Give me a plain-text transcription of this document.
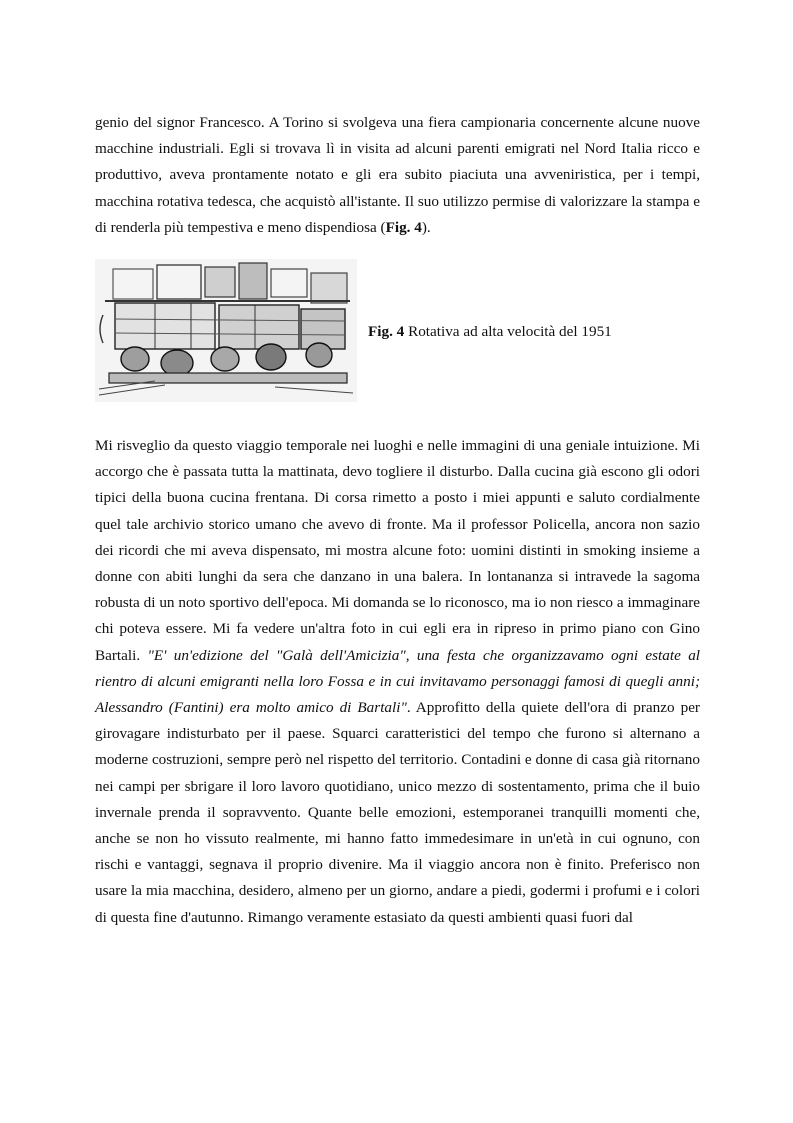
genio del signor Francesco. A Torino si svolgeva una fiera campionaria concernente alcune nuove macchine industriali. Egli si trovava lì in visita ad alcuni parenti emigrati nel Nord Italia ricco e produttivo, aveva prontamente notato e gli era subito piaciuta una avveniristica, per i tempi, macchina rotativa tedesca, che acquistò all'istante. Il suo utilizzo permise di valorizzare la stampa e di renderla più tempestiva e meno dispendiosa (Fig. 4).

Fig. 4 Rotativa ad alta velocità del 1951

Mi risveglio da questo viaggio temporale nei luoghi e nelle immagini di una geniale intuizione. Mi accorgo che è passata tutta la mattinata, devo togliere il disturbo. Dalla cucina già escono gli odori tipici della buona cucina frentana. Di corsa rimetto a posto i miei appunti e saluto cordialmente quel tale archivio storico umano che avevo di fronte. Ma il professor Policella, ancora non sazio dei ricordi che mi aveva dispensato, mi mostra alcune foto: uomini distinti in smoking insieme a donne con abiti lunghi da sera che danzano in una balera. In lontananza si intravede la sagoma robusta di un noto sportivo dell'epoca. Mi domanda se lo riconosco, ma io non riesco a immaginare chi poteva essere. Mi fa vedere un'altra foto in cui egli era in ripreso in primo piano con Gino Bartali. "E' un'edizione del "Galà dell'Amicizia", una festa che organizzavamo ogni estate al rientro di alcuni emigranti nella loro Fossa e in cui invitavamo personaggi famosi di quegli anni; Alessandro (Fantini) era molto amico di Bartali". Approfitto della quiete dell'ora di pranzo per girovagare indisturbato per il paese. Squarci caratteristici del tempo che furono si alternano a moderne costruzioni, sempre però nel rispetto del territorio. Contadini e donne di casa già ritornano nei campi per sbrigare il loro lavoro quotidiano, unico mezzo di sostentamento, prima che il buio invernale prenda il sopravvento. Quante belle emozioni, estemporanei tranquilli momenti che, anche se non ho vissuto realmente, mi hanno fatto immedesimare in un'età in cui ognuno, con rischi e vantaggi, segnava il proprio divenire. Ma il viaggio ancora non è finito. Preferisco non usare la mia macchina, desidero, almeno per un giorno, andare a piedi, godermi i profumi e i colori di questa fine d'autunno. Rimango veramente estasiato da questi ambienti quasi fuori dal
